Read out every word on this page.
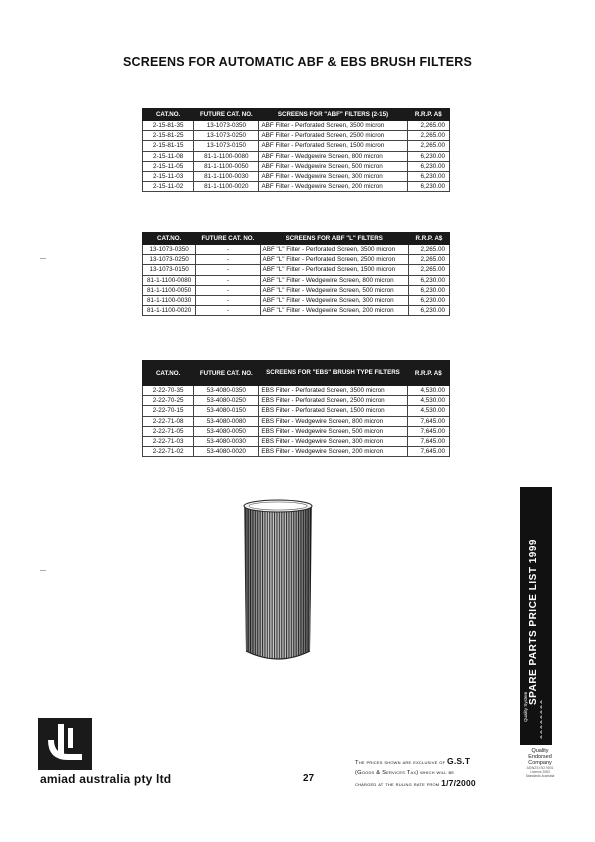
SCREENS FOR AUTOMATIC ABF & EBS BRUSH FILTERS
CAT.NO.	FUTURE CAT. NO.	SCREENS FOR "ABF" FILTERS (2-15)	R.R.P. A$
2-15-81-35	13-1073-0350	ABF Filter - Perforated Screen, 3500 micron	2,265.00
2-15-81-25	13-1073-0250	ABF Filter - Perforated Screen, 2500 micron	2,265.00
2-15-81-15	13-1073-0150	ABF Filter - Perforated Screen, 1500 micron	2,265.00
2-15-11-08	81-1-1100-0080	ABF Filter - Wedgewire Screen, 800 micron	6,230.00
2-15-11-05	81-1-1100-0050	ABF Filter - Wedgewire Screen, 500 micron	6,230.00
2-15-11-03	81-1-1100-0030	ABF Filter - Wedgewire Screen, 300 micron	6,230.00
2-15-11-02	81-1-1100-0020	ABF Filter - Wedgewire Screen, 200 micron	6,230.00
CAT.NO.	FUTURE CAT. NO.	SCREENS FOR ABF "L" FILTERS	R.R.P. A$
13-1073-0350	-	ABF "L" Filter - Perforated Screen, 3500 micron	2,265.00
13-1073-0250	-	ABF "L" Filter - Perforated Screen, 2500 micron	2,265.00
13-1073-0150	-	ABF "L" Filter - Perforated Screen, 1500 micron	2,265.00
81-1-1100-0080	-	ABF "L" Filter - Wedgewire Screen, 800 micron	6,230.00
81-1-1100-0050	-	ABF "L" Filter - Wedgewire Screen, 500 micron	6,230.00
81-1-1100-0030	-	ABF "L" Filter - Wedgewire Screen, 300 micron	6,230.00
81-1-1100-0020	-	ABF "L" Filter - Wedgewire Screen, 200 micron	6,230.00
CAT.NO.	FUTURE CAT. NO.	SCREENS FOR "EBS" BRUSH TYPE FILTERS	R.R.P. A$
2-22-70-35	53-4080-0350	EBS Filter - Perforated Screen, 3500 micron	4,530.00
2-22-70-25	53-4080-0250	EBS Filter - Perforated Screen, 2500 micron	4,530.00
2-22-70-15	53-4080-0150	EBS Filter - Perforated Screen, 1500 micron	4,530.00
2-22-71-08	53-4080-0080	EBS Filter - Wedgewire Screen, 800 micron	7,645.00
2-22-71-05	53-4080-0050	EBS Filter - Wedgewire Screen, 500 micron	7,645.00
2-22-71-03	53-4080-0030	EBS Filter - Wedgewire Screen, 300 micron	7,645.00
2-22-71-02	53-4080-0020	EBS Filter - Wedgewire Screen, 200 micron	7,645.00
SPARE PARTS PRICE LIST 1999
Quality System ‹
‹
‹
‹
‹
‹
‹
‹
Quality
Endorsed
Company
AS/NZS ISO 9001
Licence 2083
Standards Australia
amiad australia pty ltd	27
The prices shown are exclusive of G.S.T
(Goods & Services Tax) which will be
charged at the ruling rate from 1/7/2000
